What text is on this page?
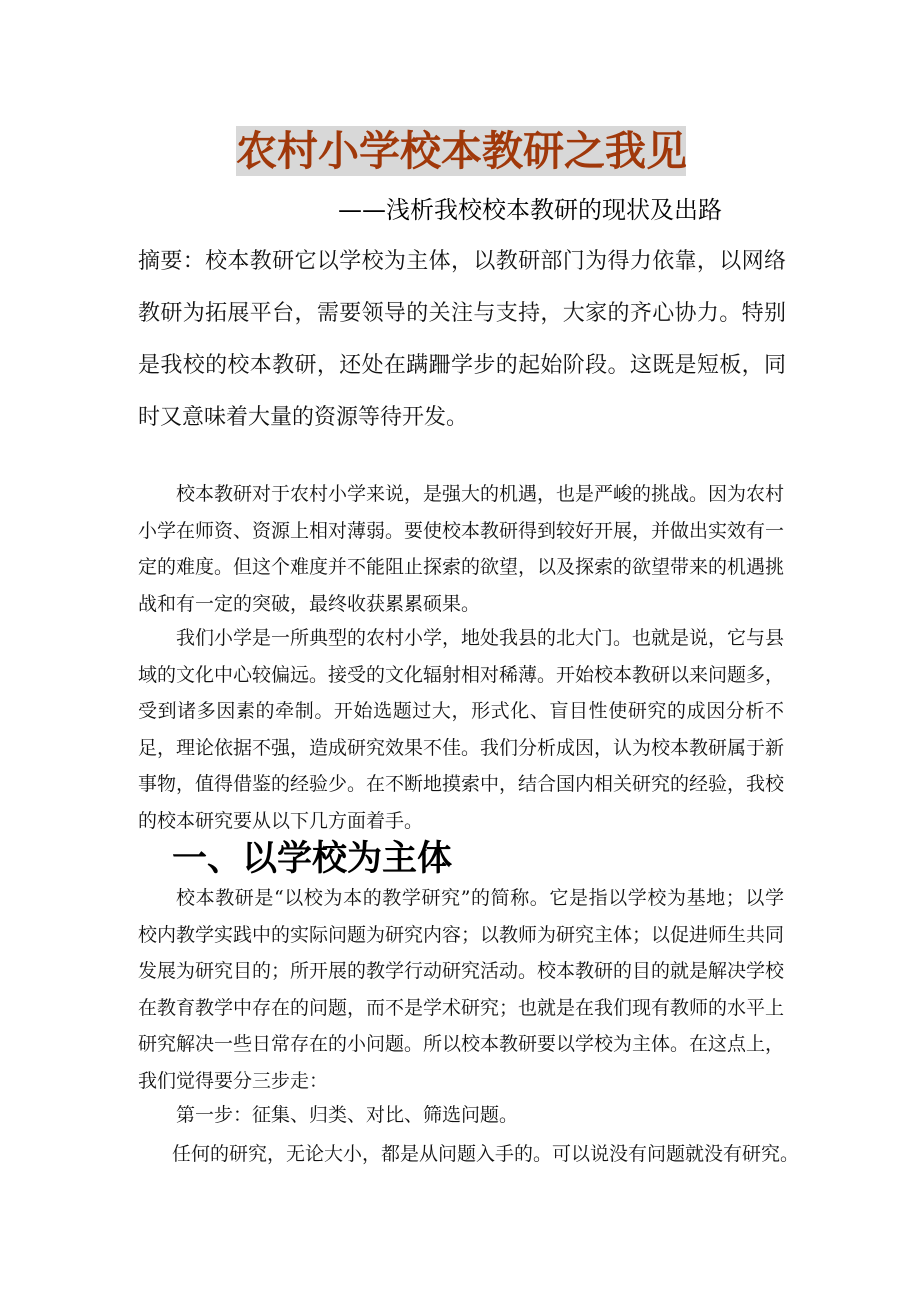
农村小学校本教研之我见
——浅析我校校本教研的现状及出路
摘要：校本教研它以学校为主体，以教研部门为得力依靠，以网络教研为拓展平台，需要领导的关注与支持，大家的齐心协力。特别是我校的校本教研，还处在蹒跚学步的起始阶段。这既是短板，同时又意味着大量的资源等待开发。
校本教研对于农村小学来说，是强大的机遇，也是严峻的挑战。因为农村小学在师资、资源上相对薄弱。要使校本教研得到较好开展，并做出实效有一定的难度。但这个难度并不能阻止探索的欲望，以及探索的欲望带来的机遇挑战和有一定的突破，最终收获累累硕果。
我们小学是一所典型的农村小学，地处我县的北大门。也就是说，它与县域的文化中心较偏远。接受的文化辐射相对稀薄。开始校本教研以来问题多，受到诸多因素的牵制。开始选题过大，形式化、盲目性使研究的成因分析不足，理论依据不强，造成研究效果不佳。我们分析成因，认为校本教研属于新事物，值得借鉴的经验少。在不断地摸索中，结合国内相关研究的经验，我校的校本研究要从以下几方面着手。
一、以学校为主体
校本教研是“以校为本的教学研究”的简称。它是指以学校为基地；以学校内教学实践中的实际问题为研究内容；以教师为研究主体；以促进师生共同发展为研究目的；所开展的教学行动研究活动。校本教研的目的就是解决学校在教育教学中存在的问题，而不是学术研究；也就是在我们现有教师的水平上研究解决一些日常存在的小问题。所以校本教研要以学校为主体。在这点上，我们觉得要分三步走：
第一步：征集、归类、对比、筛选问题。
任何的研究，无论大小，都是从问题入手的。可以说没有问题就没有研究。
